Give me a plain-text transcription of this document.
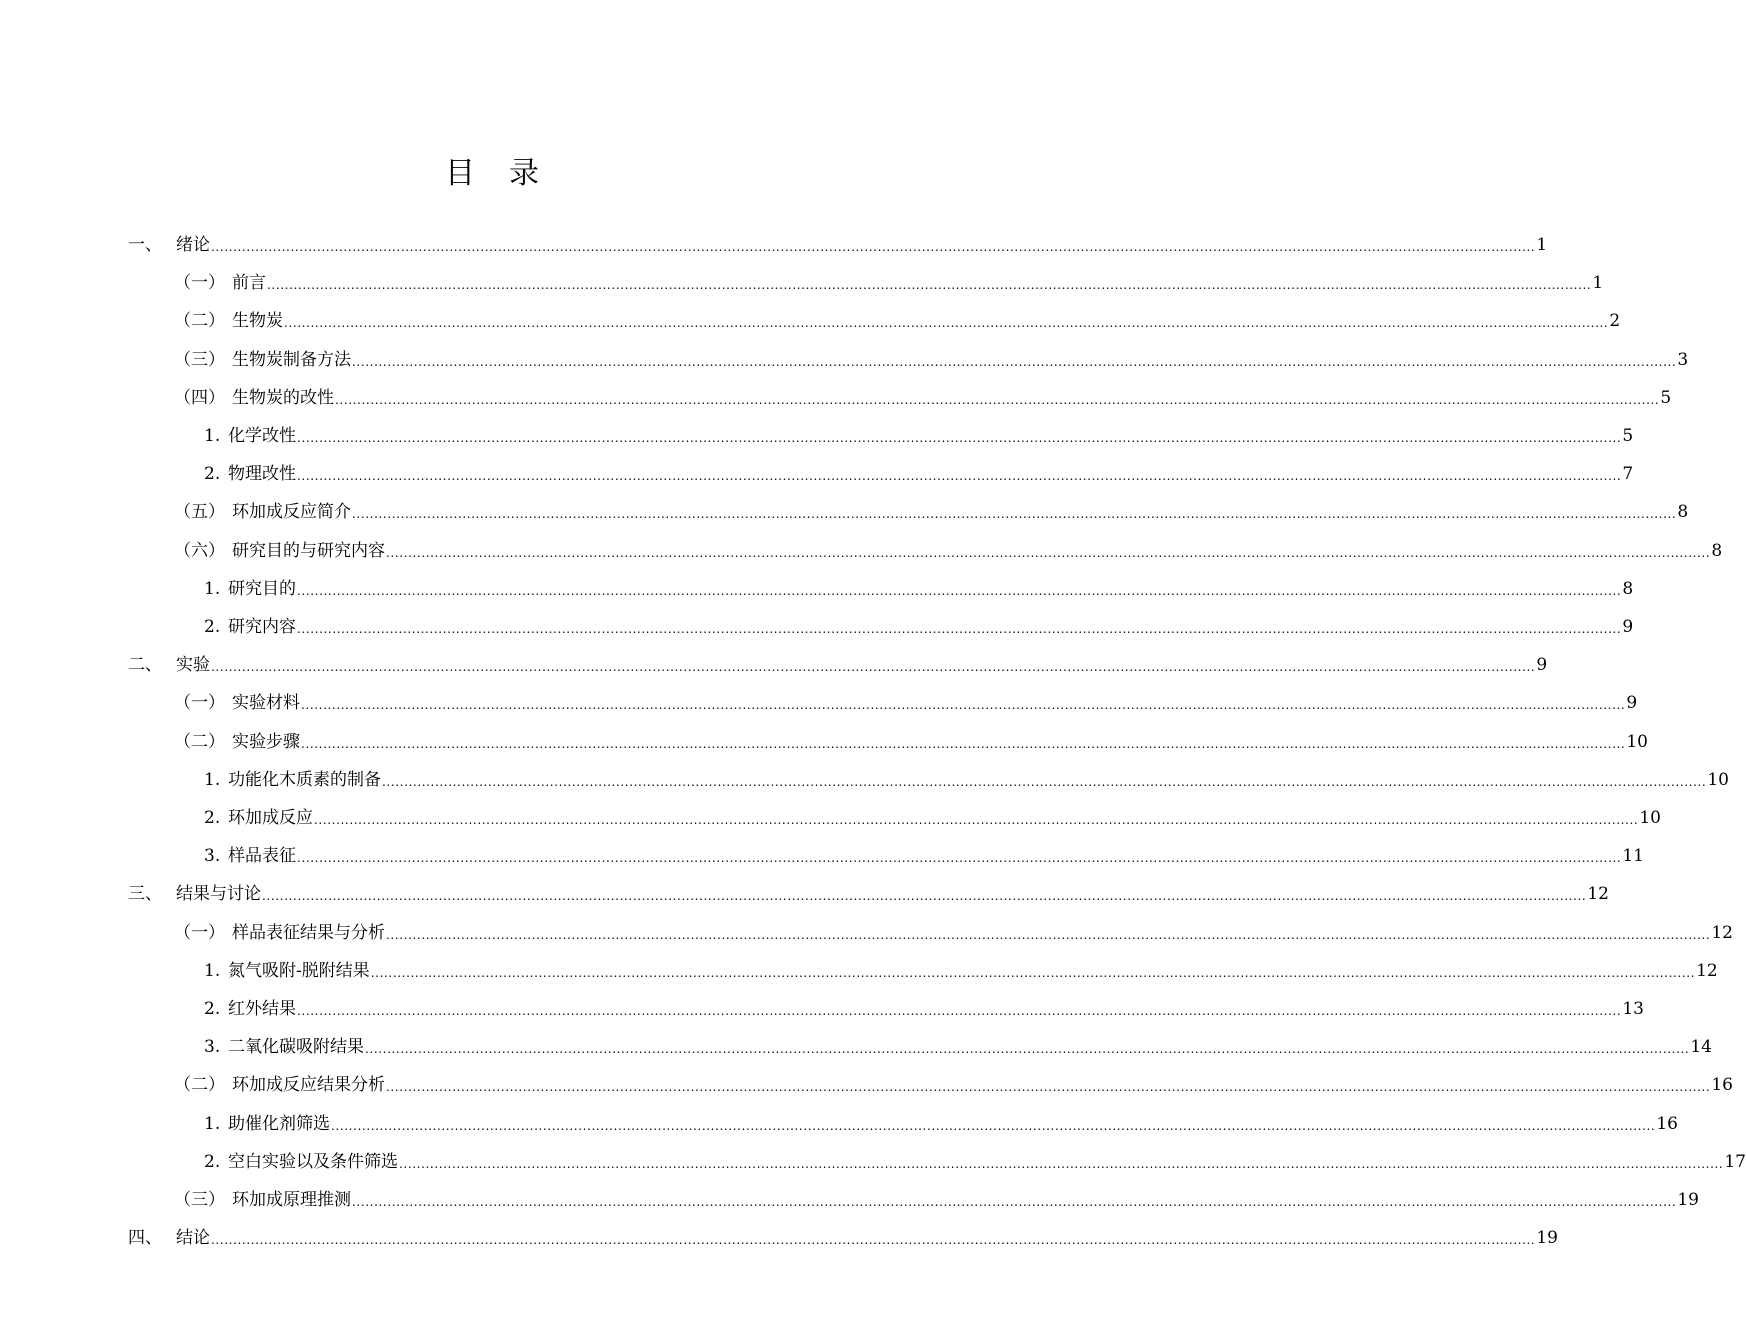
目　录
一、 绪论 ............................................................................................................................................................................................................................................................................................................ 1
（一） 前言 ............................................................................................................................................................................................................................................................................................................ 1
（二） 生物炭 ............................................................................................................................................................................................................................................................................................................ 2
（三） 生物炭制备方法 ............................................................................................................................................................................................................................................................................................................ 3
（四） 生物炭的改性 ............................................................................................................................................................................................................................................................................................................ 5
1. 化学改性 ............................................................................................................................................................................................................................................................................................................ 5
2. 物理改性 ............................................................................................................................................................................................................................................................................................................ 7
（五） 环加成反应简介 ............................................................................................................................................................................................................................................................................................................ 8
（六） 研究目的与研究内容 ............................................................................................................................................................................................................................................................................................................ 8
1. 研究目的 ............................................................................................................................................................................................................................................................................................................ 8
2. 研究内容 ............................................................................................................................................................................................................................................................................................................ 9
二、 实验 ............................................................................................................................................................................................................................................................................................................ 9
（一） 实验材料 ............................................................................................................................................................................................................................................................................................................ 9
（二） 实验步骤 ............................................................................................................................................................................................................................................................................................................ 10
1. 功能化木质素的制备 ............................................................................................................................................................................................................................................................................................................ 10
2. 环加成反应 ............................................................................................................................................................................................................................................................................................................ 10
3. 样品表征 ............................................................................................................................................................................................................................................................................................................ 11
三、 结果与讨论 ............................................................................................................................................................................................................................................................................................................ 12
（一） 样品表征结果与分析 ............................................................................................................................................................................................................................................................................................................ 12
1. 氮气吸附-脱附结果 ............................................................................................................................................................................................................................................................................................................ 12
2. 红外结果 ............................................................................................................................................................................................................................................................................................................ 13
3. 二氧化碳吸附结果 ............................................................................................................................................................................................................................................................................................................ 14
（二） 环加成反应结果分析 ............................................................................................................................................................................................................................................................................................................ 16
1. 助催化剂筛选 ............................................................................................................................................................................................................................................................................................................ 16
2. 空白实验以及条件筛选 ............................................................................................................................................................................................................................................................................................................ 17
（三） 环加成原理推测 ............................................................................................................................................................................................................................................................................................................ 19
四、 结论 ............................................................................................................................................................................................................................................................................................................ 19
